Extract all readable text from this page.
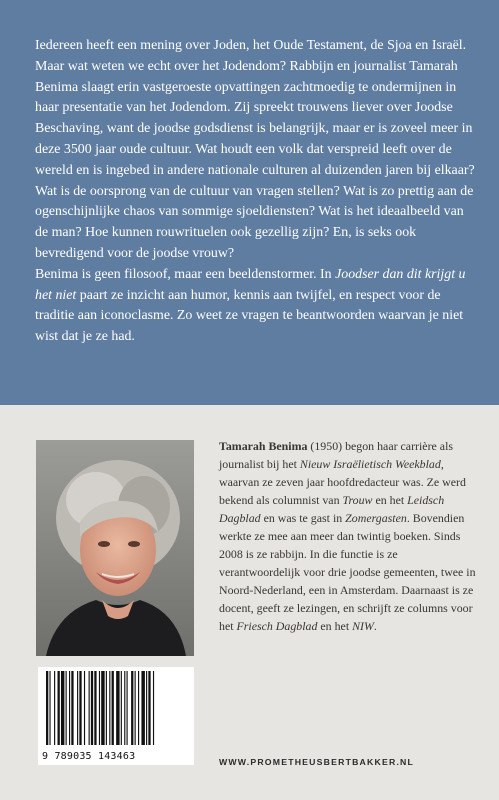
Iedereen heeft een mening over Joden, het Oude Testament, de Sjoa en Israël. Maar wat weten we echt over het Jodendom? Rabbijn en journalist Tamarah Benima slaagt erin vastgeroeste opvattingen zachtmoedig te ondermijnen in haar presentatie van het Jodendom. Zij spreekt trouwens liever over Joodse Beschaving, want de joodse godsdienst is belangrijk, maar er is zoveel meer in deze 3500 jaar oude cultuur. Wat houdt een volk dat verspreid leeft over de wereld en is ingebed in andere nationale culturen al duizenden jaren bij elkaar? Wat is de oorsprong van de cultuur van vragen stellen? Wat is zo prettig aan de ogenschijnlijke chaos van sommige sjoeldiensten? Wat is het ideaalbeeld van de man? Hoe kunnen rouwrituelen ook gezellig zijn? En, is seks ook bevredigend voor de joodse vrouw?

Benima is geen filosoof, maar een beeldenstormer. In Joodser dan dit krijgt u het niet paart ze inzicht aan humor, kennis aan twijfel, en respect voor de traditie aan iconoclasme. Zo weet ze vragen te beantwoorden waarvan je niet wist dat je ze had.

Tamarah Benima (1950) begon haar carrière als journalist bij het Nieuw Israëlietisch Weekblad, waarvan ze zeven jaar hoofdredacteur was. Ze werd bekend als columnist van Trouw en het Leidsch Dagblad en was te gast in Zomergasten. Bovendien werkte ze mee aan meer dan twintig boeken. Sinds 2008 is ze rabbijn. In die functie is ze verantwoordelijk voor drie joodse gemeenten, twee in Noord-Nederland, een in Amsterdam. Daarnaast is ze docent, geeft ze lezingen, en schrijft ze columns voor het Friesch Dagblad en het NIW.
9 789035 143463	WWW.PROMETHEUSBERTBAKKER.NL
